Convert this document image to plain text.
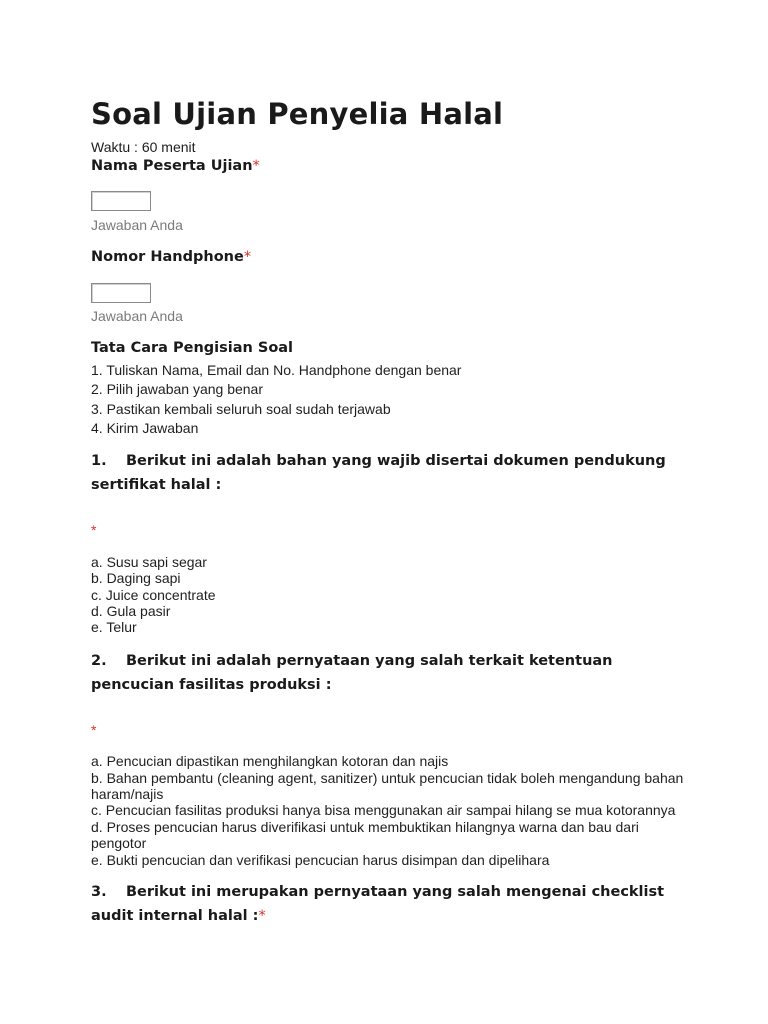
Soal Ujian Penyelia Halal
Waktu : 60 menit
Nama Peserta Ujian*
Jawaban Anda
Nomor Handphone*
Jawaban Anda
Tata Cara Pengisian Soal
1. Tuliskan Nama, Email dan No. Handphone dengan benar
2. Pilih jawaban yang benar
3. Pastikan kembali seluruh soal sudah terjawab
4. Kirim Jawaban
1. Berikut ini adalah bahan yang wajib disertai dokumen pendukung
sertifikat halal :
*
a. Susu sapi segar
b. Daging sapi
c. Juice concentrate
d. Gula pasir
e. Telur
2. Berikut ini adalah pernyataan yang salah terkait ketentuan
pencucian fasilitas produksi :
*
a. Pencucian dipastikan menghilangkan kotoran dan najis
b. Bahan pembantu (cleaning agent, sanitizer) untuk pencucian tidak boleh mengandung bahan haram/najis
c. Pencucian fasilitas produksi hanya bisa menggunakan air sampai hilang se mua kotorannya
d. Proses pencucian harus diverifikasi untuk membuktikan hilangnya warna dan bau dari pengotor
e. Bukti pencucian dan verifikasi pencucian harus disimpan dan dipelihara
3. Berikut ini merupakan pernyataan yang salah mengenai checklist
audit internal halal :*
